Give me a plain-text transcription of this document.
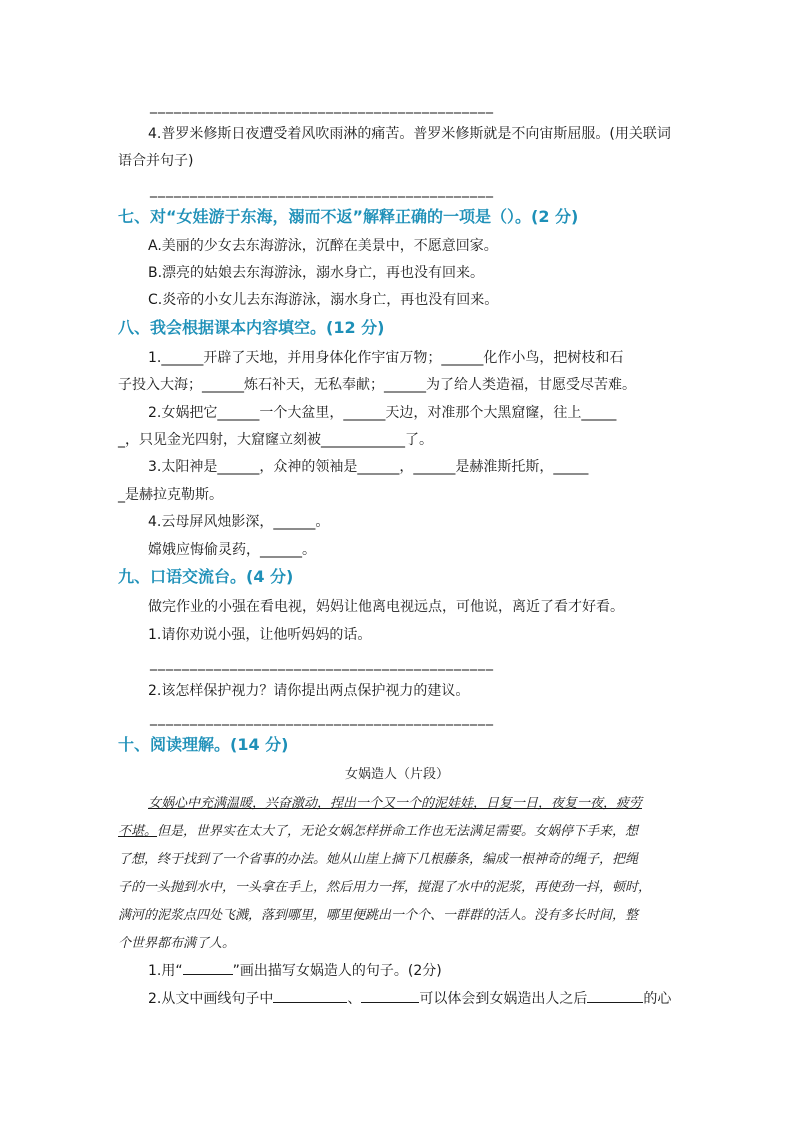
___________________________________________
4.普罗米修斯日夜遭受着风吹雨淋的痛苦。普罗米修斯就是不向宙斯屈服。(用关联词
语合并句子)
___________________________________________
七、对“女娃游于东海，溺而不返”解释正确的一项是（）。(2 分)
A.美丽的少女去东海游泳，沉醉在美景中，不愿意回家。
B.漂亮的姑娘去东海游泳，溺水身亡，再也没有回来。
C.炎帝的小女儿去东海游泳，溺水身亡，再也没有回来。
八、我会根据课本内容填空。(12 分)
1.______开辟了天地，并用身体化作宇宙万物；______化作小鸟，把树枝和石
子投入大海；______炼石补天，无私奉献；______为了给人类造福，甘愿受尽苦难。
2.女娲把它______一个大盆里，______天边，对准那个大黑窟窿，往上_____
_，只见金光四射，大窟窿立刻被____________了。
3.太阳神是______，众神的领袖是______，______是赫淮斯托斯，_____
_是赫拉克勒斯。
4.云母屏风烛影深，______。
嫦娥应悔偷灵药，______。
九、口语交流台。(4 分)
做完作业的小强在看电视，妈妈让他离电视远点，可他说，离近了看才好看。
1.请你劝说小强，让他听妈妈的话。
___________________________________________
2.该怎样保护视力？请你提出两点保护视力的建议。
___________________________________________
十、阅读理解。(14 分)
女娲造人（片段）
女娲心中充满温暖，兴奋激动，捏出一个又一个的泥娃娃，日复一日，夜复一夜，疲劳
不堪。但是，世界实在太大了，无论女娲怎样拼命工作也无法满足需要。女娲停下手来，想
了想，终于找到了一个省事的办法。她从山崖上摘下几根藤条，编成一根神奇的绳子，把绳
子的一头抛到水中，一头拿在手上，然后用力一挥，搅混了水中的泥浆，再使劲一抖，顿时，
满河的泥浆点四处飞溅，落到哪里，哪里便跳出一个个、一群群的活人。没有多长时间，整
个世界都布满了人。
1.用“	”画出描写女娲造人的句子。(2分)
2.从文中画线句子中	、	可以体会到女娲造出人之后	的心
